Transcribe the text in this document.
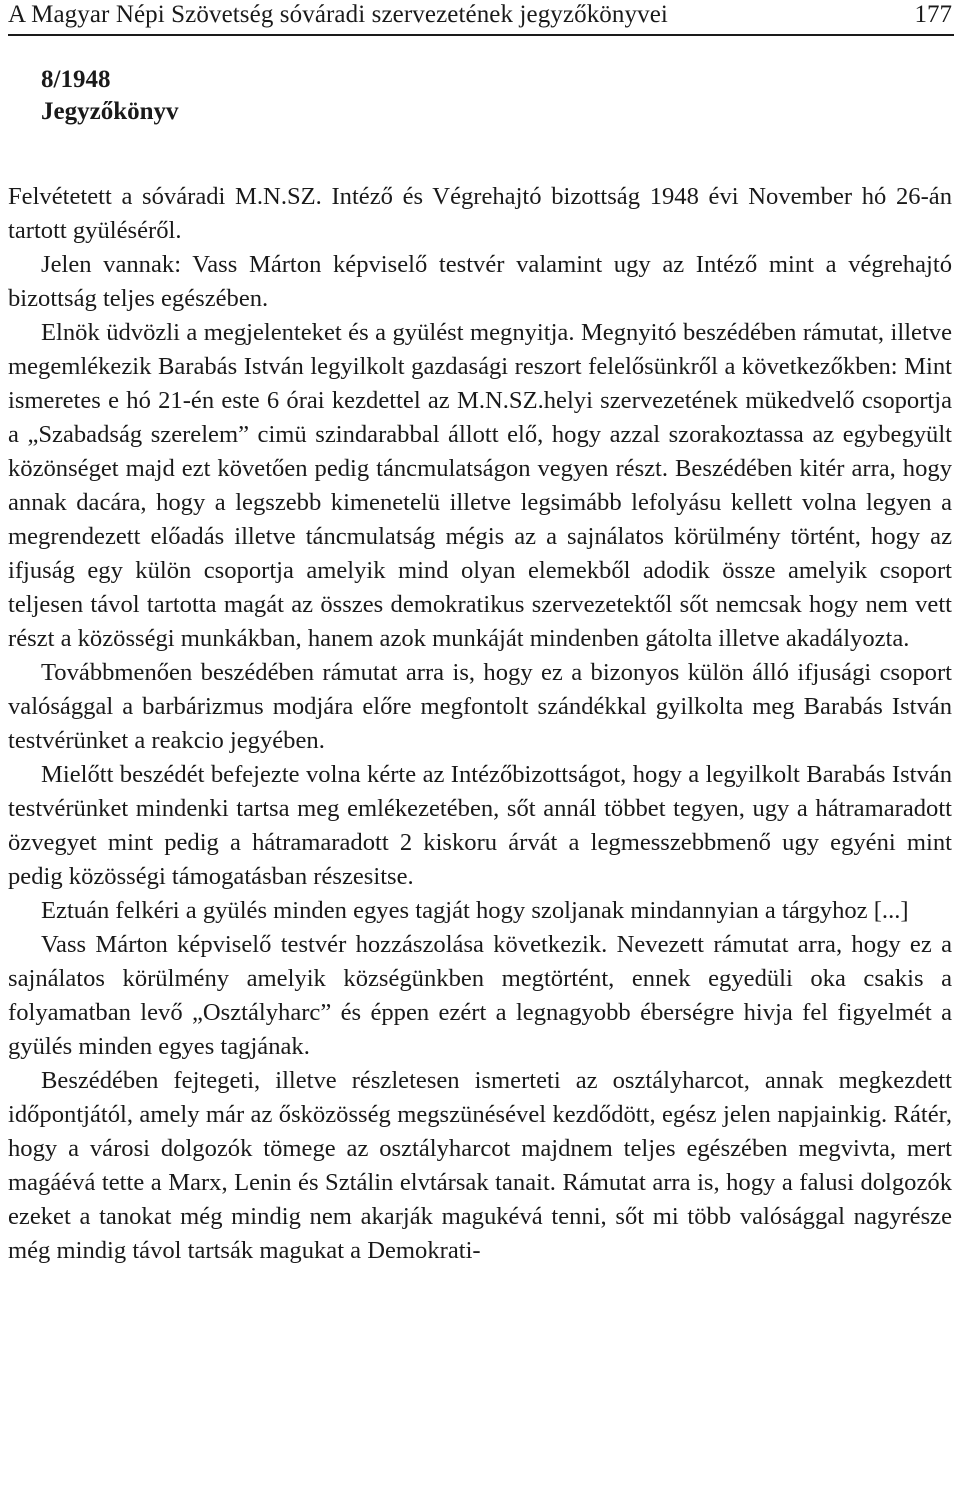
A Magyar Népi Szövetség sóváradi szervezetének jegyzőkönyvei	177
8/1948
Jegyzőkönyv

Felvétetett a sóváradi M.N.SZ. Intéző és Végrehajtó bizottság 1948 évi November hó 26-án tartott gyüléséről.

Jelen vannak: Vass Márton képviselő testvér valamint ugy az Intéző mint a végrehajtó bizottság teljes egészében.

Elnök üdvözli a megjelenteket és a gyülést megnyitja. Megnyitó beszédében rámutat, illetve megemlékezik Barabás István legyilkolt gazdasági reszort felelősünkről a következőkben: Mint ismeretes e hó 21-én este 6 órai kezdettel az M.N.SZ.helyi szervezetének mükedvelő csoportja a „Szabadság szerelem” cimü szindarabbal állott elő, hogy azzal szorakoztassa az egybegyült közönséget majd ezt követően pedig táncmulatságon vegyen részt. Beszédében kitér arra, hogy annak dacára, hogy a legszebb kimenetelü illetve legsimább lefolyásu kellett volna legyen a megrendezett előadás illetve táncmulatság mégis az a sajnálatos körülmény történt, hogy az ifjuság egy külön csoportja amelyik mind olyan elemekből adodik össze amelyik csoport teljesen távol tartotta magát az összes demokratikus szervezetektől sőt nemcsak hogy nem vett részt a közösségi munkákban, hanem azok munkáját mindenben gátolta illetve akadályozta.

Továbbmenően beszédében rámutat arra is, hogy ez a bizonyos külön álló ifjusági csoport valósággal a barbárizmus modjára előre megfontolt szándékkal gyilkolta meg Barabás István testvérünket a reakcio jegyében.

Mielőtt beszédét befejezte volna kérte az Intézőbizottságot, hogy a legyilkolt Barabás István testvérünket mindenki tartsa meg emlékezetében, sőt annál többet tegyen, ugy a hátramaradott özvegyet mint pedig a hátramaradott 2 kiskoru árvát a legmesszebbmenő ugy egyéni mint pedig közösségi támogatásban részesitse.

Eztuán felkéri a gyülés minden egyes tagját hogy szoljanak mindannyian a tárgyhoz [...]

Vass Márton képviselő testvér hozzászolása következik. Nevezett rámutat arra, hogy ez a sajnálatos körülmény amelyik községünkben megtörtént, ennek egyedüli oka csakis a folyamatban levő „Osztályharc” és éppen ezért a legnagyobb éberségre hivja fel figyelmét a gyülés minden egyes tagjának.

Beszédében fejtegeti, illetve részletesen ismerteti az osztályharcot, annak megkezdett időpontjától, amely már az ősközösség megszünésével kezdődött, egész jelen napjainkig. Rátér, hogy a városi dolgozók tömege az osztályharcot majdnem teljes egészében megvivta, mert magáévá tette a Marx, Lenin és Sztálin elvtársak tanait. Rámutat arra is, hogy a falusi dolgozók ezeket a tanokat még mindig nem akarják magukévá tenni, sőt mi több valósággal nagyrésze még mindig távol tartsák magukat a Demokrati-
